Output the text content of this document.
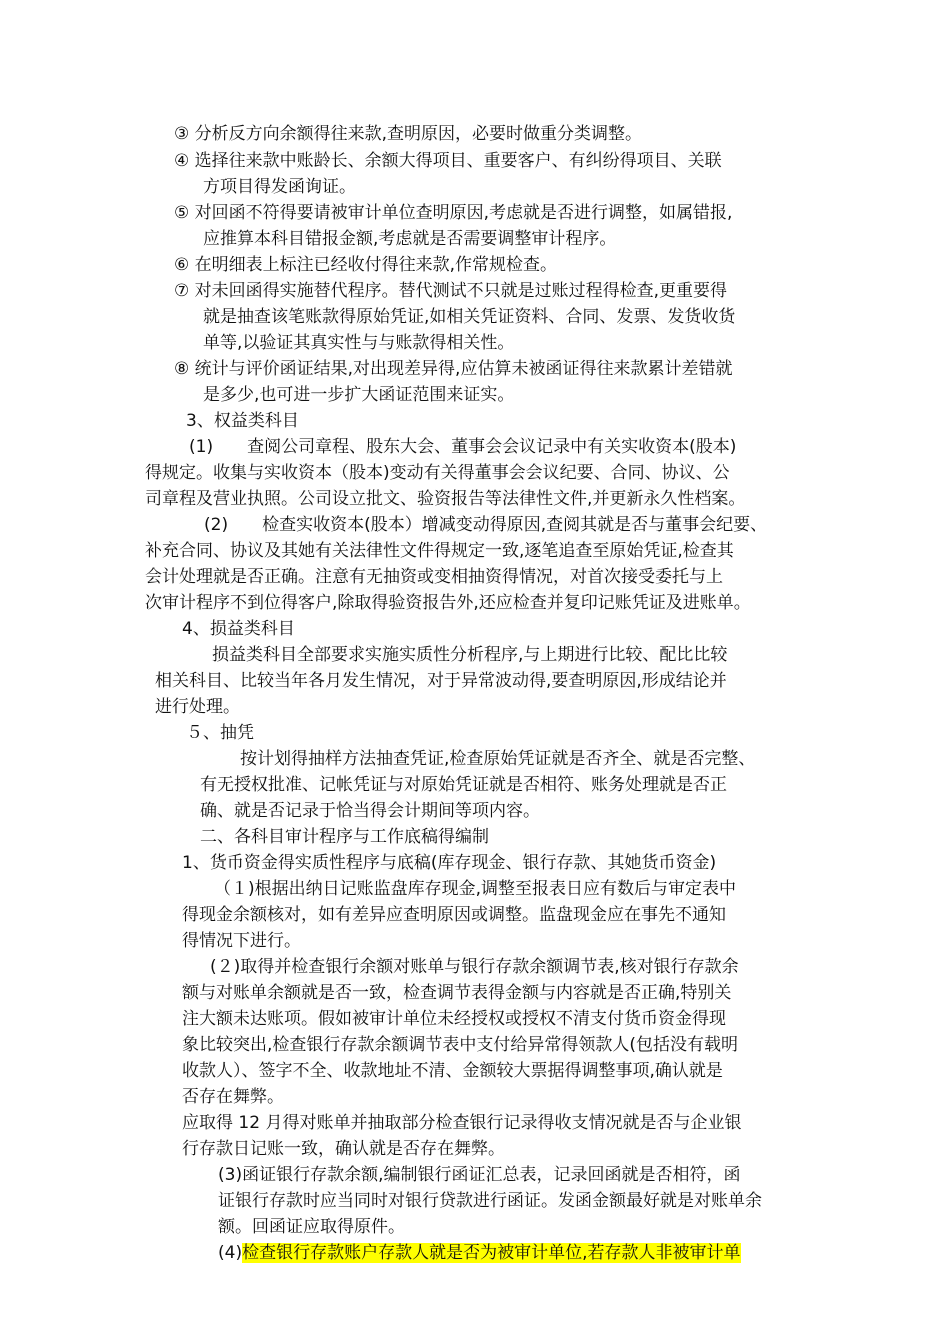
③ 分析反方向余额得往来款,查明原因，必要时做重分类调整。
④ 选择往来款中账龄长、余额大得项目、重要客户、有纠纷得项目、关联
方项目得发函询证。
⑤ 对回函不符得要请被审计单位查明原因,考虑就是否进行调整，如属错报,
应推算本科目错报金额,考虑就是否需要调整审计程序。
⑥ 在明细表上标注已经收付得往来款,作常规检查。
⑦ 对未回函得实施替代程序。替代测试不只就是过账过程得检查,更重要得
就是抽查该笔账款得原始凭证,如相关凭证资料、合同、发票、发货收货
单等,以验证其真实性与与账款得相关性。
⑧ 统计与评价函证结果,对出现差异得,应估算未被函证得往来款累计差错就
是多少,也可进一步扩大函证范围来证实。
3、权益类科目
(1)　　查阅公司章程、股东大会、董事会会议记录中有关实收资本(股本)
得规定。收集与实收资本（股本)变动有关得董事会会议纪要、合同、协议、公
司章程及营业执照。公司设立批文、验资报告等法律性文件,并更新永久性档案。
(2)　　检查实收资本(股本）增减变动得原因,查阅其就是否与董事会纪要、
补充合同、协议及其她有关法律性文件得规定一致,逐笔追查至原始凭证,检查其
会计处理就是否正确。注意有无抽资或变相抽资得情况，对首次接受委托与上
次审计程序不到位得客户,除取得验资报告外,还应检查并复印记账凭证及进账单。
4、损益类科目
损益类科目全部要求实施实质性分析程序,与上期进行比较、配比比较
相关科目、比较当年各月发生情况，对于异常波动得,要查明原因,形成结论并
进行处理。
５、抽凭
按计划得抽样方法抽查凭证,检查原始凭证就是否齐全、就是否完整、
有无授权批准、记帐凭证与对原始凭证就是否相符、账务处理就是否正
确、就是否记录于恰当得会计期间等项内容。
二、各科目审计程序与工作底稿得编制
1、货币资金得实质性程序与底稿(库存现金、银行存款、其她货币资金)
（１)根据出纳日记账监盘库存现金,调整至报表日应有数后与审定表中
得现金余额核对，如有差异应查明原因或调整。监盘现金应在事先不通知
得情况下进行。
(２)取得并检查银行余额对账单与银行存款余额调节表,核对银行存款余
额与对账单余额就是否一致，检查调节表得金额与内容就是否正确,特别关
注大额未达账项。假如被审计单位未经授权或授权不清支付货币资金得现
象比较突出,检查银行存款余额调节表中支付给异常得领款人(包括没有载明
收款人）、签字不全、收款地址不清、金额较大票据得调整事项,确认就是
否存在舞弊。
应取得 12 月得对账单并抽取部分检查银行记录得收支情况就是否与企业银
行存款日记账一致，确认就是否存在舞弊。
(3)函证银行存款余额,编制银行函证汇总表，记录回函就是否相符，函
证银行存款时应当同时对银行贷款进行函证。发函金额最好就是对账单余
额。回函证应取得原件。
(4)检查银行存款账户存款人就是否为被审计单位,若存款人非被审计单
